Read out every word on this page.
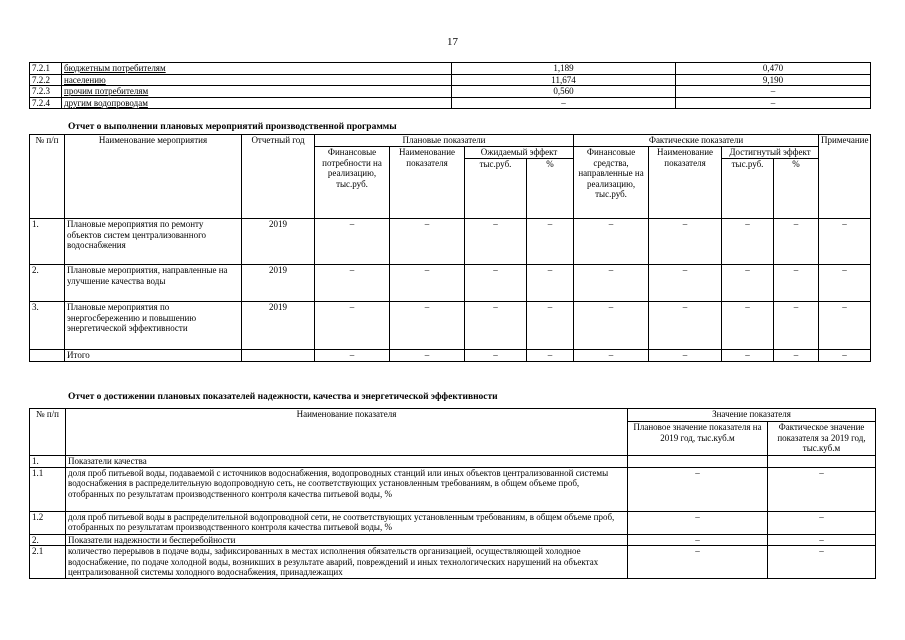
17
7.2.1	бюджетным потребителям	1,189	0,470
7.2.2	населению	11,674	9,190
7.2.3	прочим потребителям	0,560	–
7.2.4	другим водопроводам	–	–
Отчет о выполнении плановых мероприятий производственной программы
№ п/п	Наименование мероприятия	Отчетный год	Плановые показатели				Фактические показатели				Примечание
			Финансовые потребности на реализацию, тыс.руб.	Наименование показателя	Ожидаемый эффект		Финансовые средства, направленные на реализацию, тыс.руб.	Наименование показателя	Достигнутый эффект		
					тыс.руб.	%			тыс.руб.	%	
1.	Плановые мероприятия по ремонту объектов систем централизованного водоснабжения	2019	–	–	–	–	–	–	–	–	–
2.	Плановые мероприятия, направленные на улучшение качества воды	2019	–	–	–	–	–	–	–	–	–
3.	Плановые мероприятия по энергосбережению и повышению энергетической эффективности	2019	–	–	–	–	–	–	–	–	–
	Итого		–	–	–	–	–	–	–	–	–
Отчет о достижении плановых показателей надежности, качества и энергетической эффективности
№ п/п	Наименование показателя	Значение показателя	
		Плановое значение показателя на 2019 год, тыс.куб.м	Фактическое значение показателя за 2019 год, тыс.куб.м
1.	Показатели качества		
1.1	доля проб питьевой воды, подаваемой с источников водоснабжения, водопроводных станций или иных объектов централизованной системы водоснабжения в распределительную водопроводную сеть, не соответствующих установленным требованиям, в общем объеме проб, отобранных по результатам производственного контроля качества питьевой воды, %	–	–
1.2	доля проб питьевой воды в распределительной водопроводной сети, не соответствующих установленным требованиям, в общем объеме проб, отобранных по результатам производственного контроля качества питьевой воды, %	–	–
2.	Показатели надежности и бесперебойности	–	–
2.1	количество перерывов в подаче воды, зафиксированных в местах исполнения обязательств организацией, осуществляющей холодное водоснабжение, по подаче холодной воды, возникших в результате аварий, повреждений и иных технологических нарушений на объектах централизованной системы холодного водоснабжения, принадлежащих	–	–
